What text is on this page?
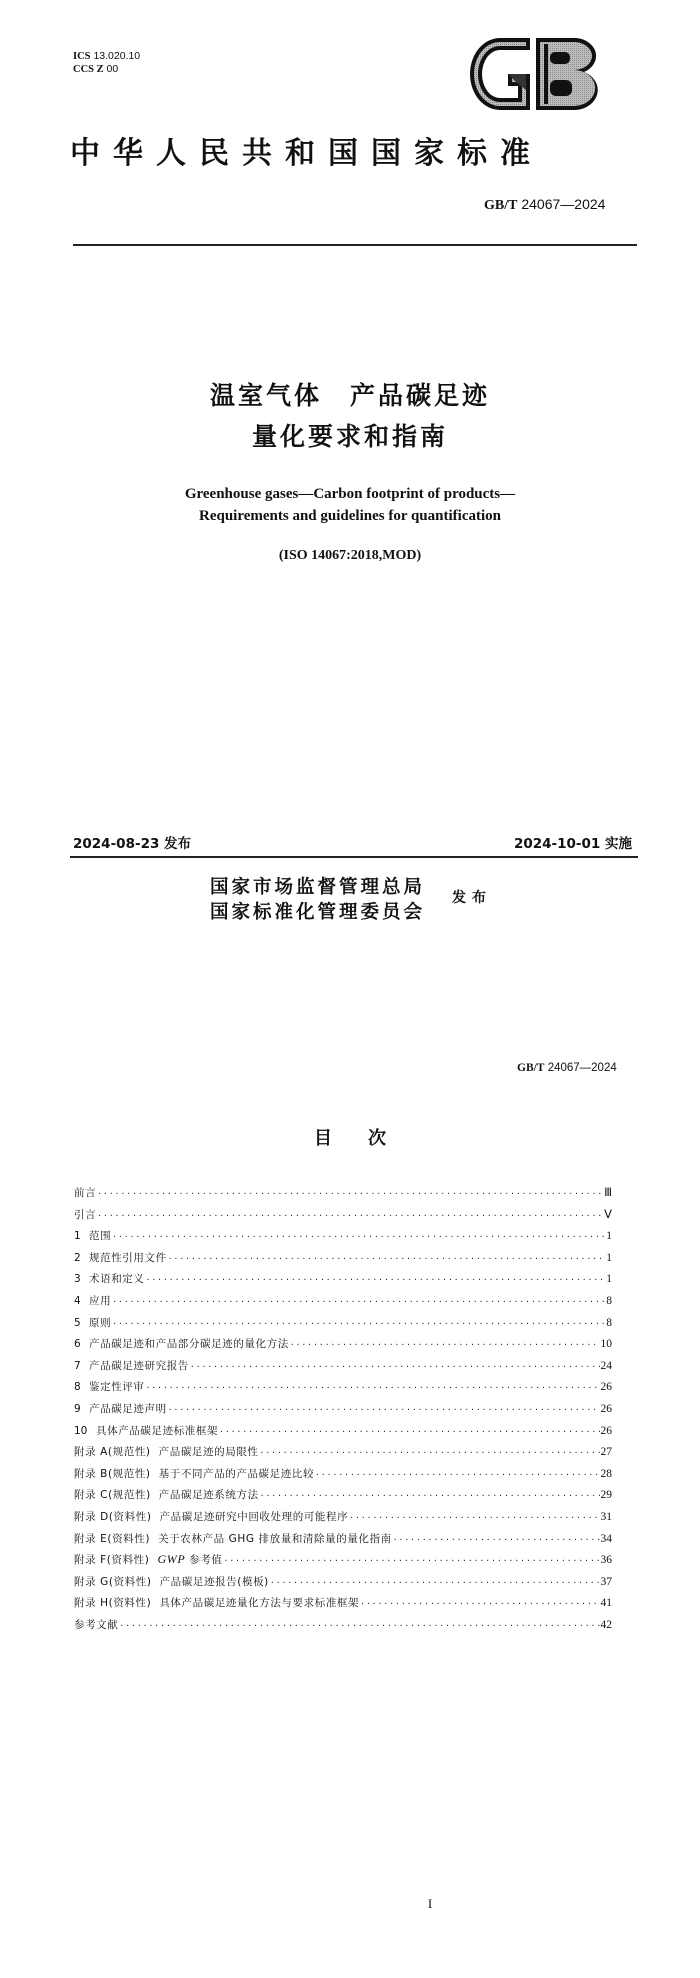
ICS 13.020.10
CCS Z 00
中华人民共和国国家标准
GB/T 24067—2024
温室气体　产品碳足迹
量化要求和指南
Greenhouse gases—Carbon footprint of products—
Requirements and guidelines for quantification
(ISO 14067:2018,MOD)
2024-08-23 发布	2024-10-01 实施
国家市场监督管理总局
国家标准化管理委员会
发布
GB/T 24067—2024
目 次
前言 ·····	Ⅲ
引言 ·····	Ⅴ
1 范围 ·····	1
2 规范性引用文件 ·····	1
3 术语和定义 ·····	1
4 应用 ·····	8
5 原则 ·····	8
6 产品碳足迹和产品部分碳足迹的量化方法 ·····	10
7 产品碳足迹研究报告 ·····	24
8 鉴定性评审 ·····	26
9 产品碳足迹声明 ·····	26
10 具体产品碳足迹标准框架 ·····	26
附录 A(规范性) 产品碳足迹的局限性 ·····	27
附录 B(规范性) 基于不同产品的产品碳足迹比较 ·····	28
附录 C(规范性) 产品碳足迹系统方法 ·····	29
附录 D(资料性) 产品碳足迹研究中回收处理的可能程序 ·····	31
附录 E(资料性) 关于农林产品 GHG 排放量和清除量的量化指南 ·····	34
附录 F(资料性) GWP 参考值 ·····	36
附录 G(资料性) 产品碳足迹报告(模板) ·····	37
附录 H(资料性) 具体产品碳足迹量化方法与要求标准框架 ·····	41
参考文献 ·····	42
I
